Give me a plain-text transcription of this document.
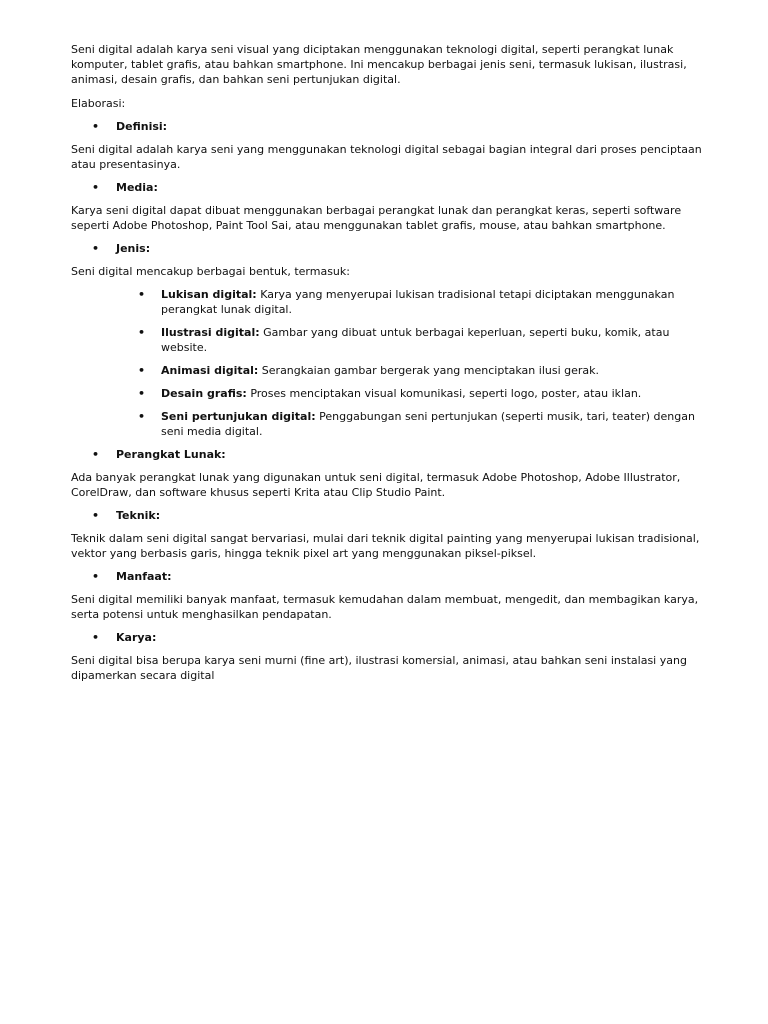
Seni digital adalah karya seni visual yang diciptakan menggunakan teknologi digital, seperti perangkat lunak komputer, tablet grafis, atau bahkan smartphone. Ini mencakup berbagai jenis seni, termasuk lukisan, ilustrasi, animasi, desain grafis, dan bahkan seni pertunjukan digital.

Elaborasi:

• Definisi:

Seni digital adalah karya seni yang menggunakan teknologi digital sebagai bagian integral dari proses penciptaan atau presentasinya.

• Media:

Karya seni digital dapat dibuat menggunakan berbagai perangkat lunak dan perangkat keras, seperti software seperti Adobe Photoshop, Paint Tool Sai, atau menggunakan tablet grafis, mouse, atau bahkan smartphone.

• Jenis:

Seni digital mencakup berbagai bentuk, termasuk:

• Lukisan digital: Karya yang menyerupai lukisan tradisional tetapi diciptakan menggunakan perangkat lunak digital.
• Ilustrasi digital: Gambar yang dibuat untuk berbagai keperluan, seperti buku, komik, atau website.
• Animasi digital: Serangkaian gambar bergerak yang menciptakan ilusi gerak.
• Desain grafis: Proses menciptakan visual komunikasi, seperti logo, poster, atau iklan.
• Seni pertunjukan digital: Penggabungan seni pertunjukan (seperti musik, tari, teater) dengan seni media digital.
• Perangkat Lunak:

Ada banyak perangkat lunak yang digunakan untuk seni digital, termasuk Adobe Photoshop, Adobe Illustrator, CorelDraw, dan software khusus seperti Krita atau Clip Studio Paint.

• Teknik:

Teknik dalam seni digital sangat bervariasi, mulai dari teknik digital painting yang menyerupai lukisan tradisional, vektor yang berbasis garis, hingga teknik pixel art yang menggunakan piksel-piksel.

• Manfaat:

Seni digital memiliki banyak manfaat, termasuk kemudahan dalam membuat, mengedit, dan membagikan karya, serta potensi untuk menghasilkan pendapatan.

• Karya:

Seni digital bisa berupa karya seni murni (fine art), ilustrasi komersial, animasi, atau bahkan seni instalasi yang dipamerkan secara digital
